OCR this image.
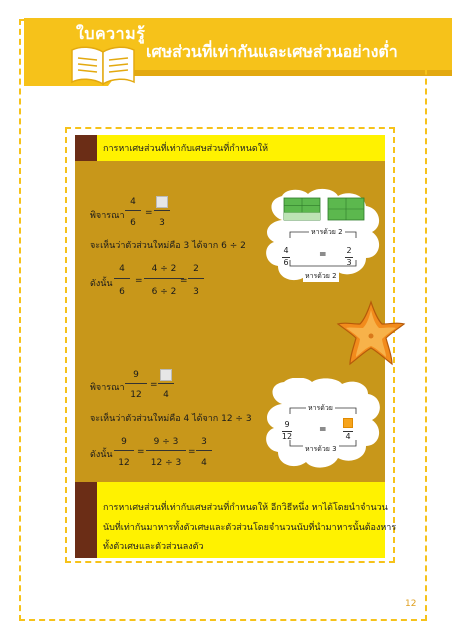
ใบความรู้
เศษส่วนที่เท่ากันและเศษส่วนอย่างต่ำ
การหาเศษส่วนที่เท่ากับเศษส่วนที่กำหนดให้
พิจารณา
4
6
=
3
จะเห็นว่าตัวส่วนใหม่คือ 3 ได้จาก 6 ÷ 2
ดังนั้น
4
6
=
4 ÷ 2
6 ÷ 2
=
2
3
หารด้วย 2
4
6
=	2
3
หารด้วย 2
พิจารณา
9
12
=
4
จะเห็นว่าตัวส่วนใหม่คือ 4 ได้จาก 12 ÷ 3
ดังนั้น
9
12
=
9 ÷ 3
12 ÷ 3
=
3
4
หารด้วย
9
12
=
4
หารด้วย 3
การหาเศษส่วนที่เท่ากับเศษส่วนที่กำหนดให้ อีกวิธีหนึ่ง หาได้โดยนำจำนวน
นับที่เท่ากันมาหารทั้งตัวเศษและตัวส่วนโดยจำนวนนับที่นำมาหารนั้นต้องหาร
ทั้งตัวเศษและตัวส่วนลงตัว
12
